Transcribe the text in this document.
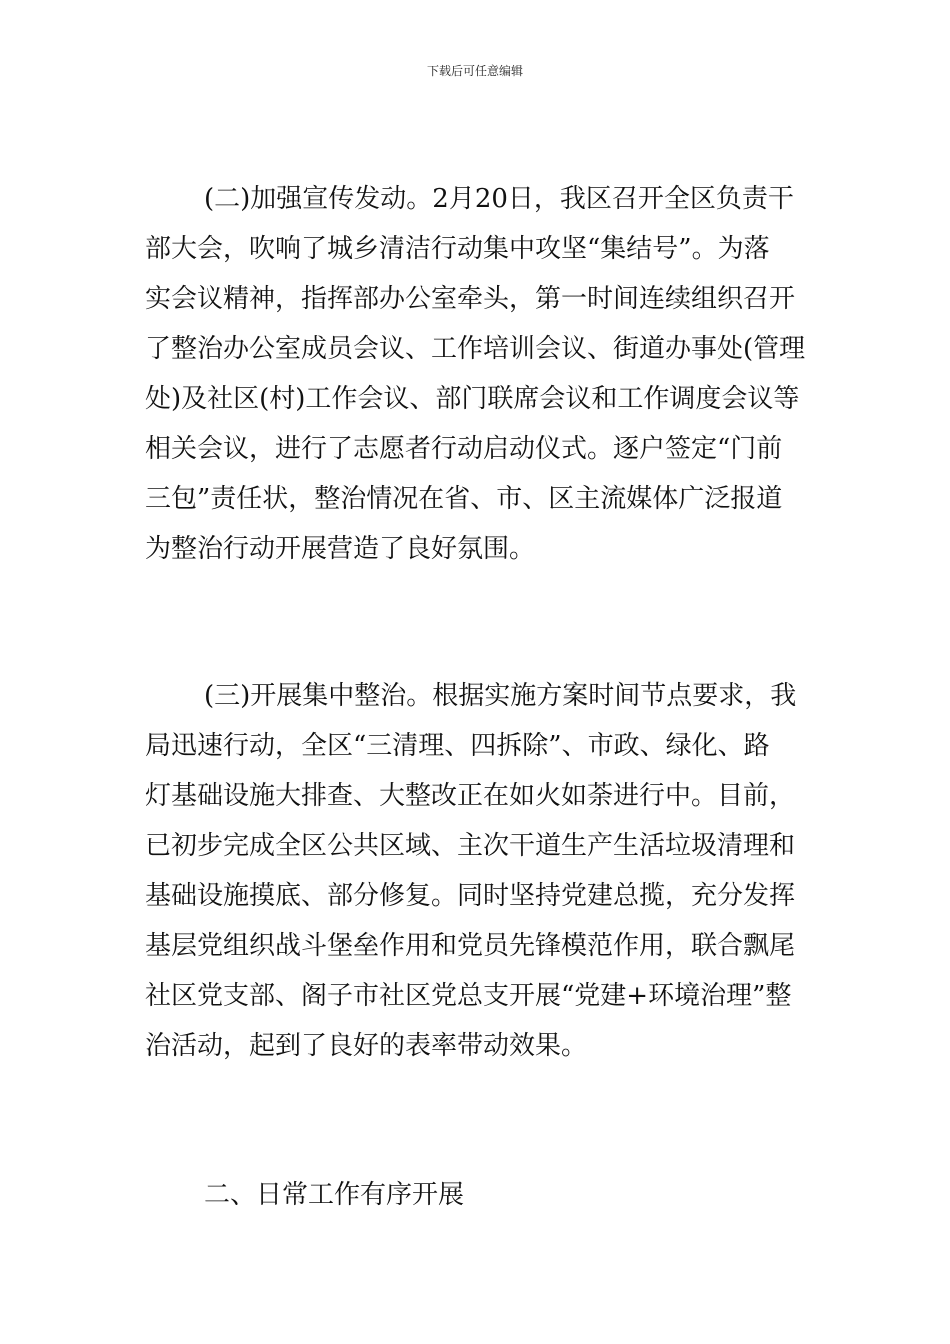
下载后可任意编辑
(二)加强宣传发动。2月20日，我区召开全区负责干
部大会，吹响了城乡清洁行动集中攻坚“集结号”。为落
实会议精神，指挥部办公室牵头，第一时间连续组织召开
了整治办公室成员会议、工作培训会议、街道办事处(管理
处)及社区(村)工作会议、部门联席会议和工作调度会议等
相关会议，进行了志愿者行动启动仪式。逐户签定“门前
三包”责任状，整治情况在省、市、区主流媒体广泛报道
为整治行动开展营造了良好氛围。
(三)开展集中整治。根据实施方案时间节点要求，我
局迅速行动，全区“三清理、四拆除”、市政、绿化、路
灯基础设施大排查、大整改正在如火如荼进行中。目前，
已初步完成全区公共区域、主次干道生产生活垃圾清理和
基础设施摸底、部分修复。同时坚持党建总揽，充分发挥
基层党组织战斗堡垒作用和党员先锋模范作用，联合飘尾
社区党支部、阁子市社区党总支开展“党建+环境治理”整
治活动，起到了良好的表率带动效果。
二、日常工作有序开展
